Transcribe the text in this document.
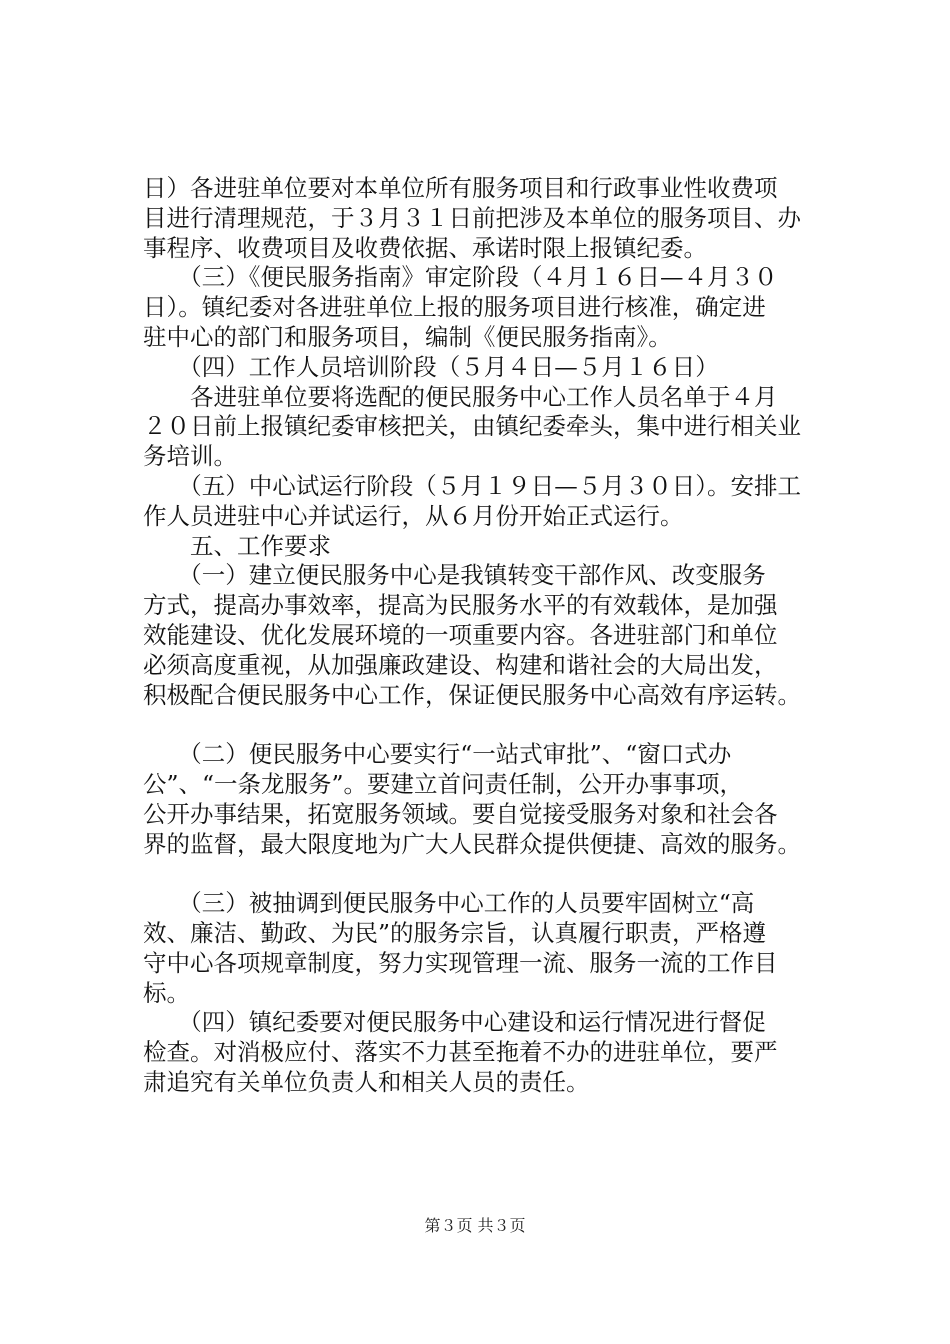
日）各进驻单位要对本单位所有服务项目和行政事业性收费项
目进行清理规范，于３月３１日前把涉及本单位的服务项目、办
事程序、收费项目及收费依据、承诺时限上报镇纪委。
　　（三）《便民服务指南》审定阶段（４月１６日—４月３０
日）。镇纪委对各进驻单位上报的服务项目进行核准，确定进
驻中心的部门和服务项目，编制《便民服务指南》。
　　（四）工作人员培训阶段（５月４日—５月１６日）
　　各进驻单位要将选配的便民服务中心工作人员名单于４月
２０日前上报镇纪委审核把关，由镇纪委牵头，集中进行相关业
务培训。
　　（五）中心试运行阶段（５月１９日—５月３０日）。安排工
作人员进驻中心并试运行，从６月份开始正式运行。
　　五、工作要求
　　（一）建立便民服务中心是我镇转变干部作风、改变服务
方式，提高办事效率，提高为民服务水平的有效载体，是加强
效能建设、优化发展环境的一项重要内容。各进驻部门和单位
必须高度重视，从加强廉政建设、构建和谐社会的大局出发，
积极配合便民服务中心工作，保证便民服务中心高效有序运转。
　　（二）便民服务中心要实行“一站式审批”、“窗口式办
公”、“一条龙服务”。要建立首问责任制，公开办事事项，
公开办事结果，拓宽服务领域。要自觉接受服务对象和社会各
界的监督，最大限度地为广大人民群众提供便捷、高效的服务。
　　（三）被抽调到便民服务中心工作的人员要牢固树立“高
效、廉洁、勤政、为民”的服务宗旨，认真履行职责，严格遵
守中心各项规章制度，努力实现管理一流、服务一流的工作目
标。
　　（四）镇纪委要对便民服务中心建设和运行情况进行督促
检查。对消极应付、落实不力甚至拖着不办的进驻单位，要严
肃追究有关单位负责人和相关人员的责任。
第３页 共３页
